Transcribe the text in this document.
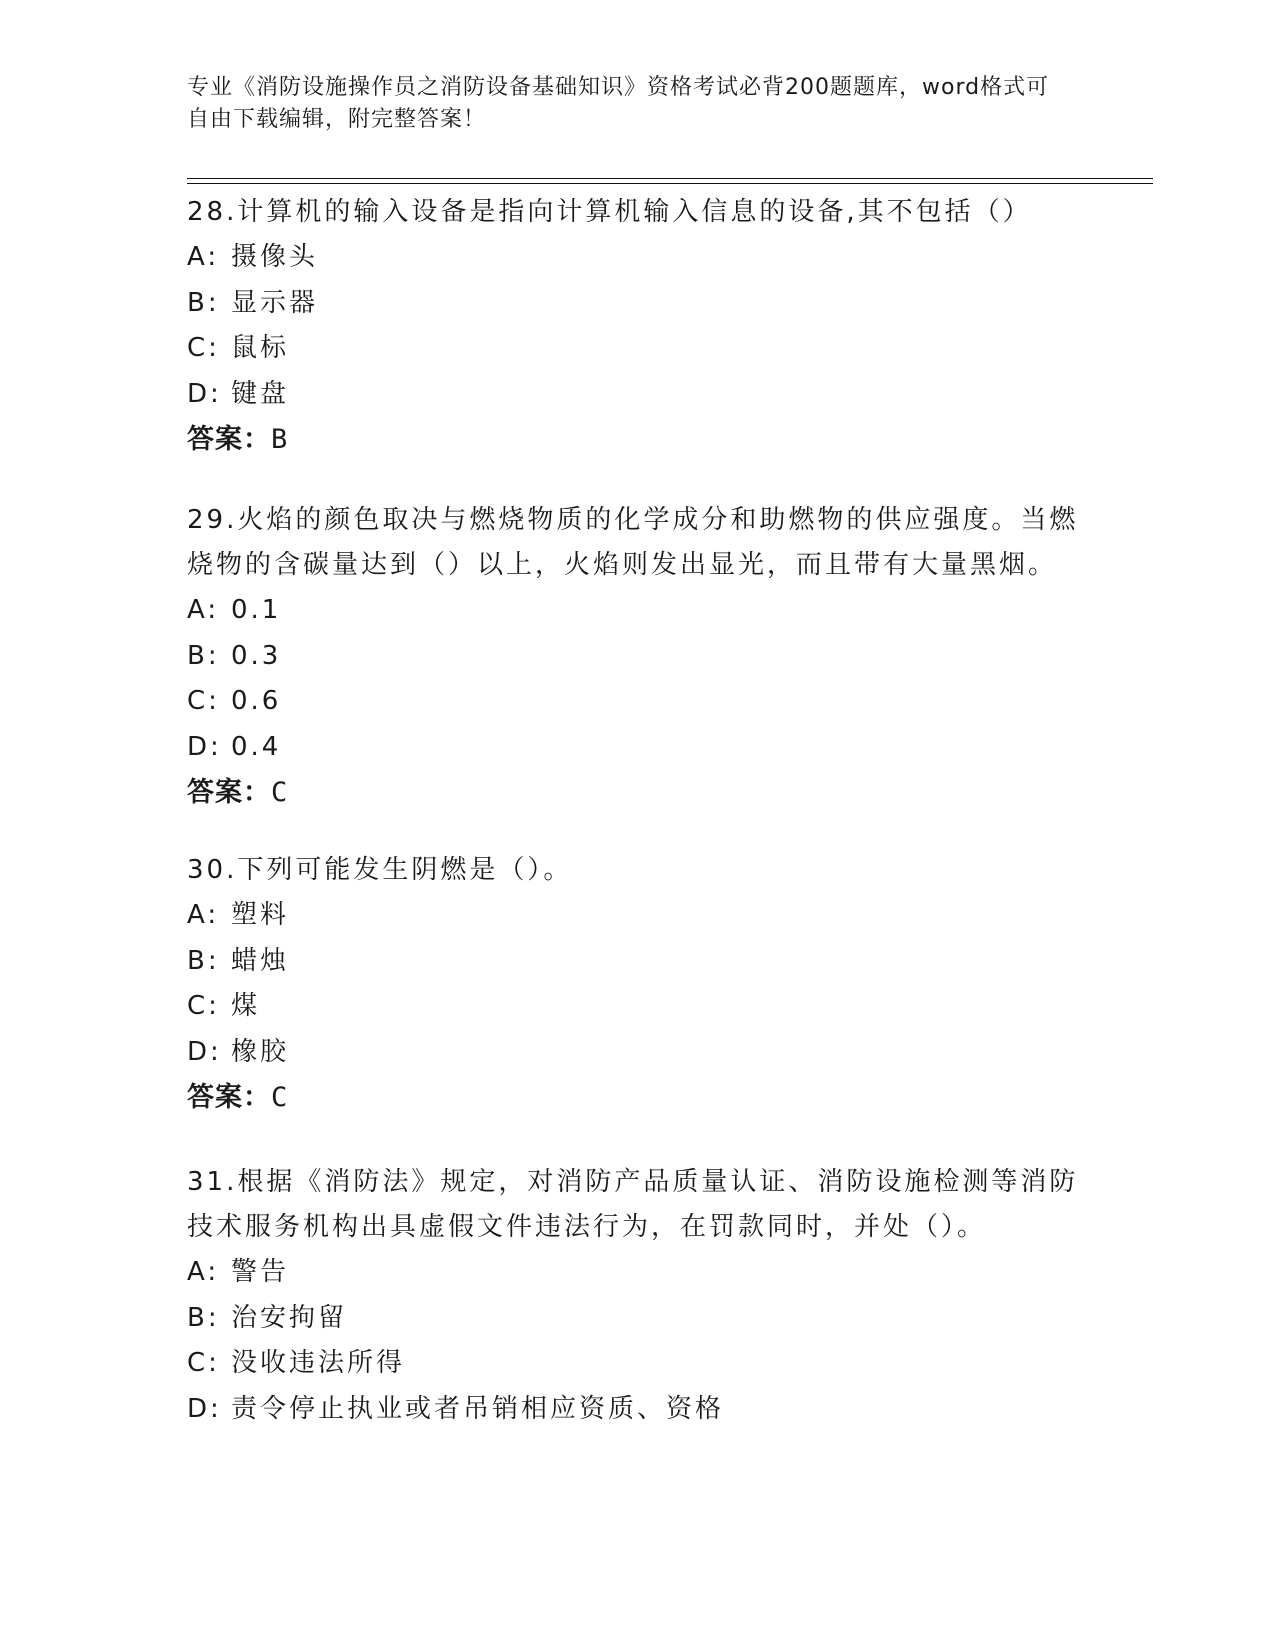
专业《消防设施操作员之消防设备基础知识》资格考试必背200题题库，word格式可自由下载编辑，附完整答案！

28.计算机的输入设备是指向计算机输入信息的设备,其不包括（）

A: 摄像头

B: 显示器

C: 鼠标

D: 键盘

答案：B

29.火焰的颜色取决与燃烧物质的化学成分和助燃物的供应强度。当燃烧物的含碳量达到（）以上，火焰则发出显光，而且带有大量黑烟。

A: 0.1

B: 0.3

C: 0.6

D: 0.4

答案：C

30.下列可能发生阴燃是（）。

A: 塑料

B: 蜡烛

C: 煤

D: 橡胶

答案：C

31.根据《消防法》规定，对消防产品质量认证、消防设施检测等消防技术服务机构出具虚假文件违法行为，在罚款同时，并处（）。

A: 警告

B: 治安拘留

C: 没收违法所得

D: 责令停止执业或者吊销相应资质、资格
